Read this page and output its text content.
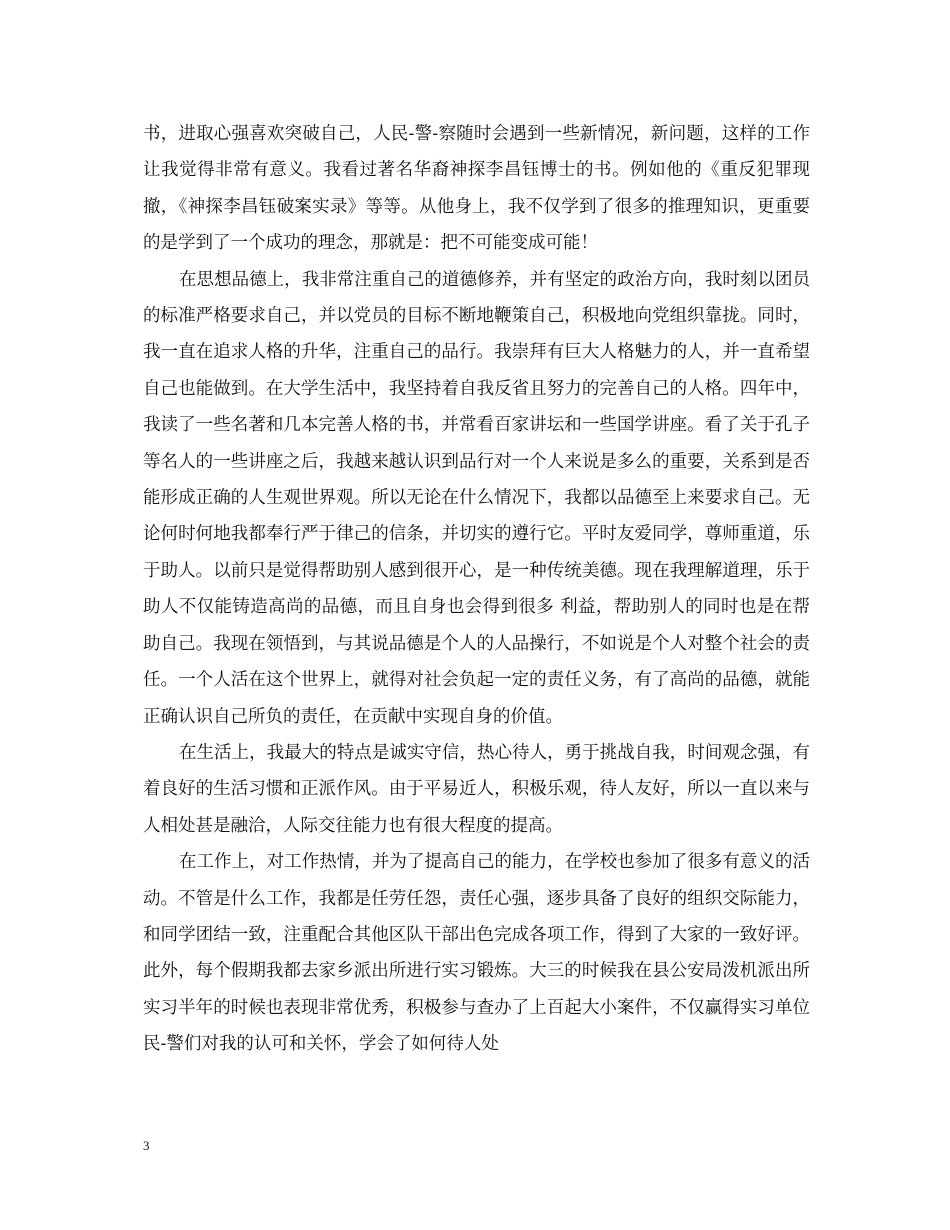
书，进取心强喜欢突破自己，人民-警-察随时会遇到一些新情况，新问题，这样的工作让我觉得非常有意义。我看过著名华裔神探李昌钰博士的书。例如他的《重反犯罪现撤，《神探李昌钰破案实录》等等。从他身上，我不仅学到了很多的推理知识，更重要的是学到了一个成功的理念，那就是：把不可能变成可能！

在思想品德上，我非常注重自己的道德修养，并有坚定的政治方向，我时刻以团员的标准严格要求自己，并以党员的目标不断地鞭策自己，积极地向党组织靠拢。同时，我一直在追求人格的升华，注重自己的品行。我崇拜有巨大人格魅力的人，并一直希望自己也能做到。在大学生活中，我坚持着自我反省且努力的完善自己的人格。四年中，我读了一些名著和几本完善人格的书，并常看百家讲坛和一些国学讲座。看了关于孔子等名人的一些讲座之后，我越来越认识到品行对一个人来说是多么的重要，关系到是否能形成正确的人生观世界观。所以无论在什么情况下，我都以品德至上来要求自己。无论何时何地我都奉行严于律己的信条，并切实的遵行它。平时友爱同学，尊师重道，乐于助人。以前只是觉得帮助别人感到很开心，是一种传统美德。现在我理解道理，乐于助人不仅能铸造高尚的品德，而且自身也会得到很多 利益，帮助别人的同时也是在帮助自己。我现在领悟到，与其说品德是个人的人品操行，不如说是个人对整个社会的责任。一个人活在这个世界上，就得对社会负起一定的责任义务，有了高尚的品德，就能正确认识自己所负的责任，在贡献中实现自身的价值。

在生活上，我最大的特点是诚实守信，热心待人，勇于挑战自我，时间观念强，有着良好的生活习惯和正派作风。由于平易近人，积极乐观，待人友好，所以一直以来与人相处甚是融洽，人际交往能力也有很大程度的提高。

在工作上，对工作热情，并为了提高自己的能力，在学校也参加了很多有意义的活动。不管是什么工作，我都是任劳任怨，责任心强，逐步具备了良好的组织交际能力，和同学团结一致，注重配合其他区队干部出色完成各项工作，得到了大家的一致好评。此外，每个假期我都去家乡派出所进行实习锻炼。大三的时候我在县公安局泼机派出所实习半年的时候也表现非常优秀，积极参与查办了上百起大小案件，不仅赢得实习单位民-警们对我的认可和关怀，学会了如何待人处

3
